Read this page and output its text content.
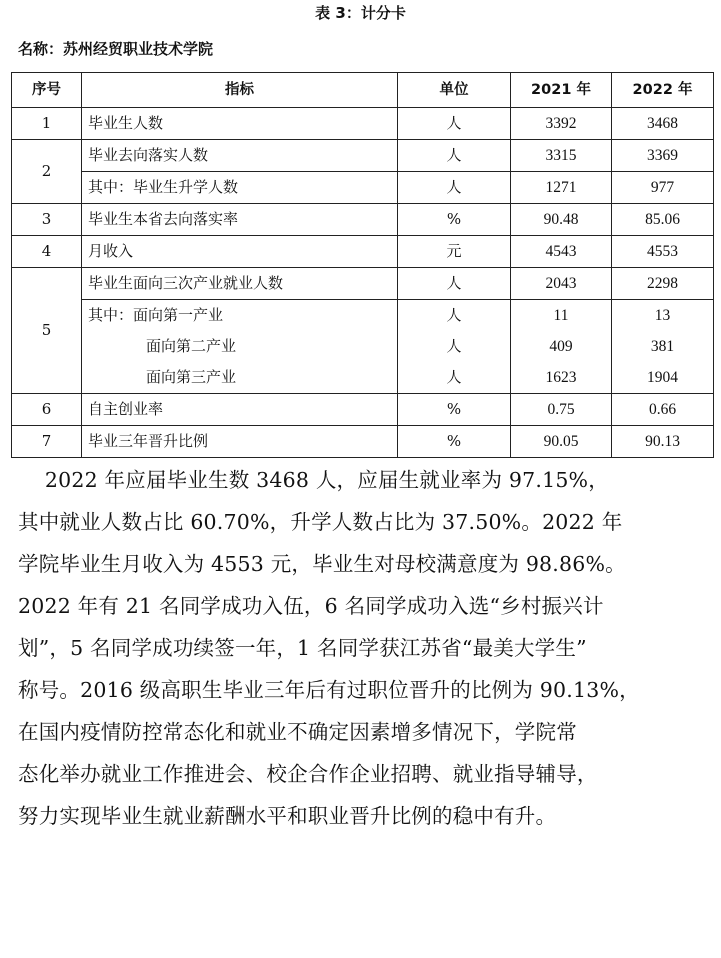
表 3：计分卡
名称：苏州经贸职业技术学院
序号	指标	单位	2021 年	2022 年
1	毕业生人数	人	3392	3468
2	毕业去向落实人数	人	3315	3369
	其中：毕业生升学人数	人	1271	977
3	毕业生本省去向落实率	%	90.48	85.06
4	月收入	元	4543	4553
5	毕业生面向三次产业就业人数	人	2043	2298
	其中：面向第一产业	人	11	13
	面向第二产业	人	409	381
	面向第三产业	人	1623	1904
6	自主创业率	%	0.75	0.66
7	毕业三年晋升比例	%	90.05	90.13

2022 年应届毕业生数 3468 人，应届生就业率为 97.15%，

其中就业人数占比 60.70%，升学人数占比为 37.50%。2022 年

学院毕业生月收入为 4553 元，毕业生对母校满意度为 98.86%。

2022 年有 21 名同学成功入伍，6 名同学成功入选“乡村振兴计

划”，5 名同学成功续签一年，1 名同学获江苏省“最美大学生”

称号。2016 级高职生毕业三年后有过职位晋升的比例为 90.13%，

在国内疫情防控常态化和就业不确定因素增多情况下，学院常

态化举办就业工作推进会、校企合作企业招聘、就业指导辅导，

努力实现毕业生就业薪酬水平和职业晋升比例的稳中有升。
